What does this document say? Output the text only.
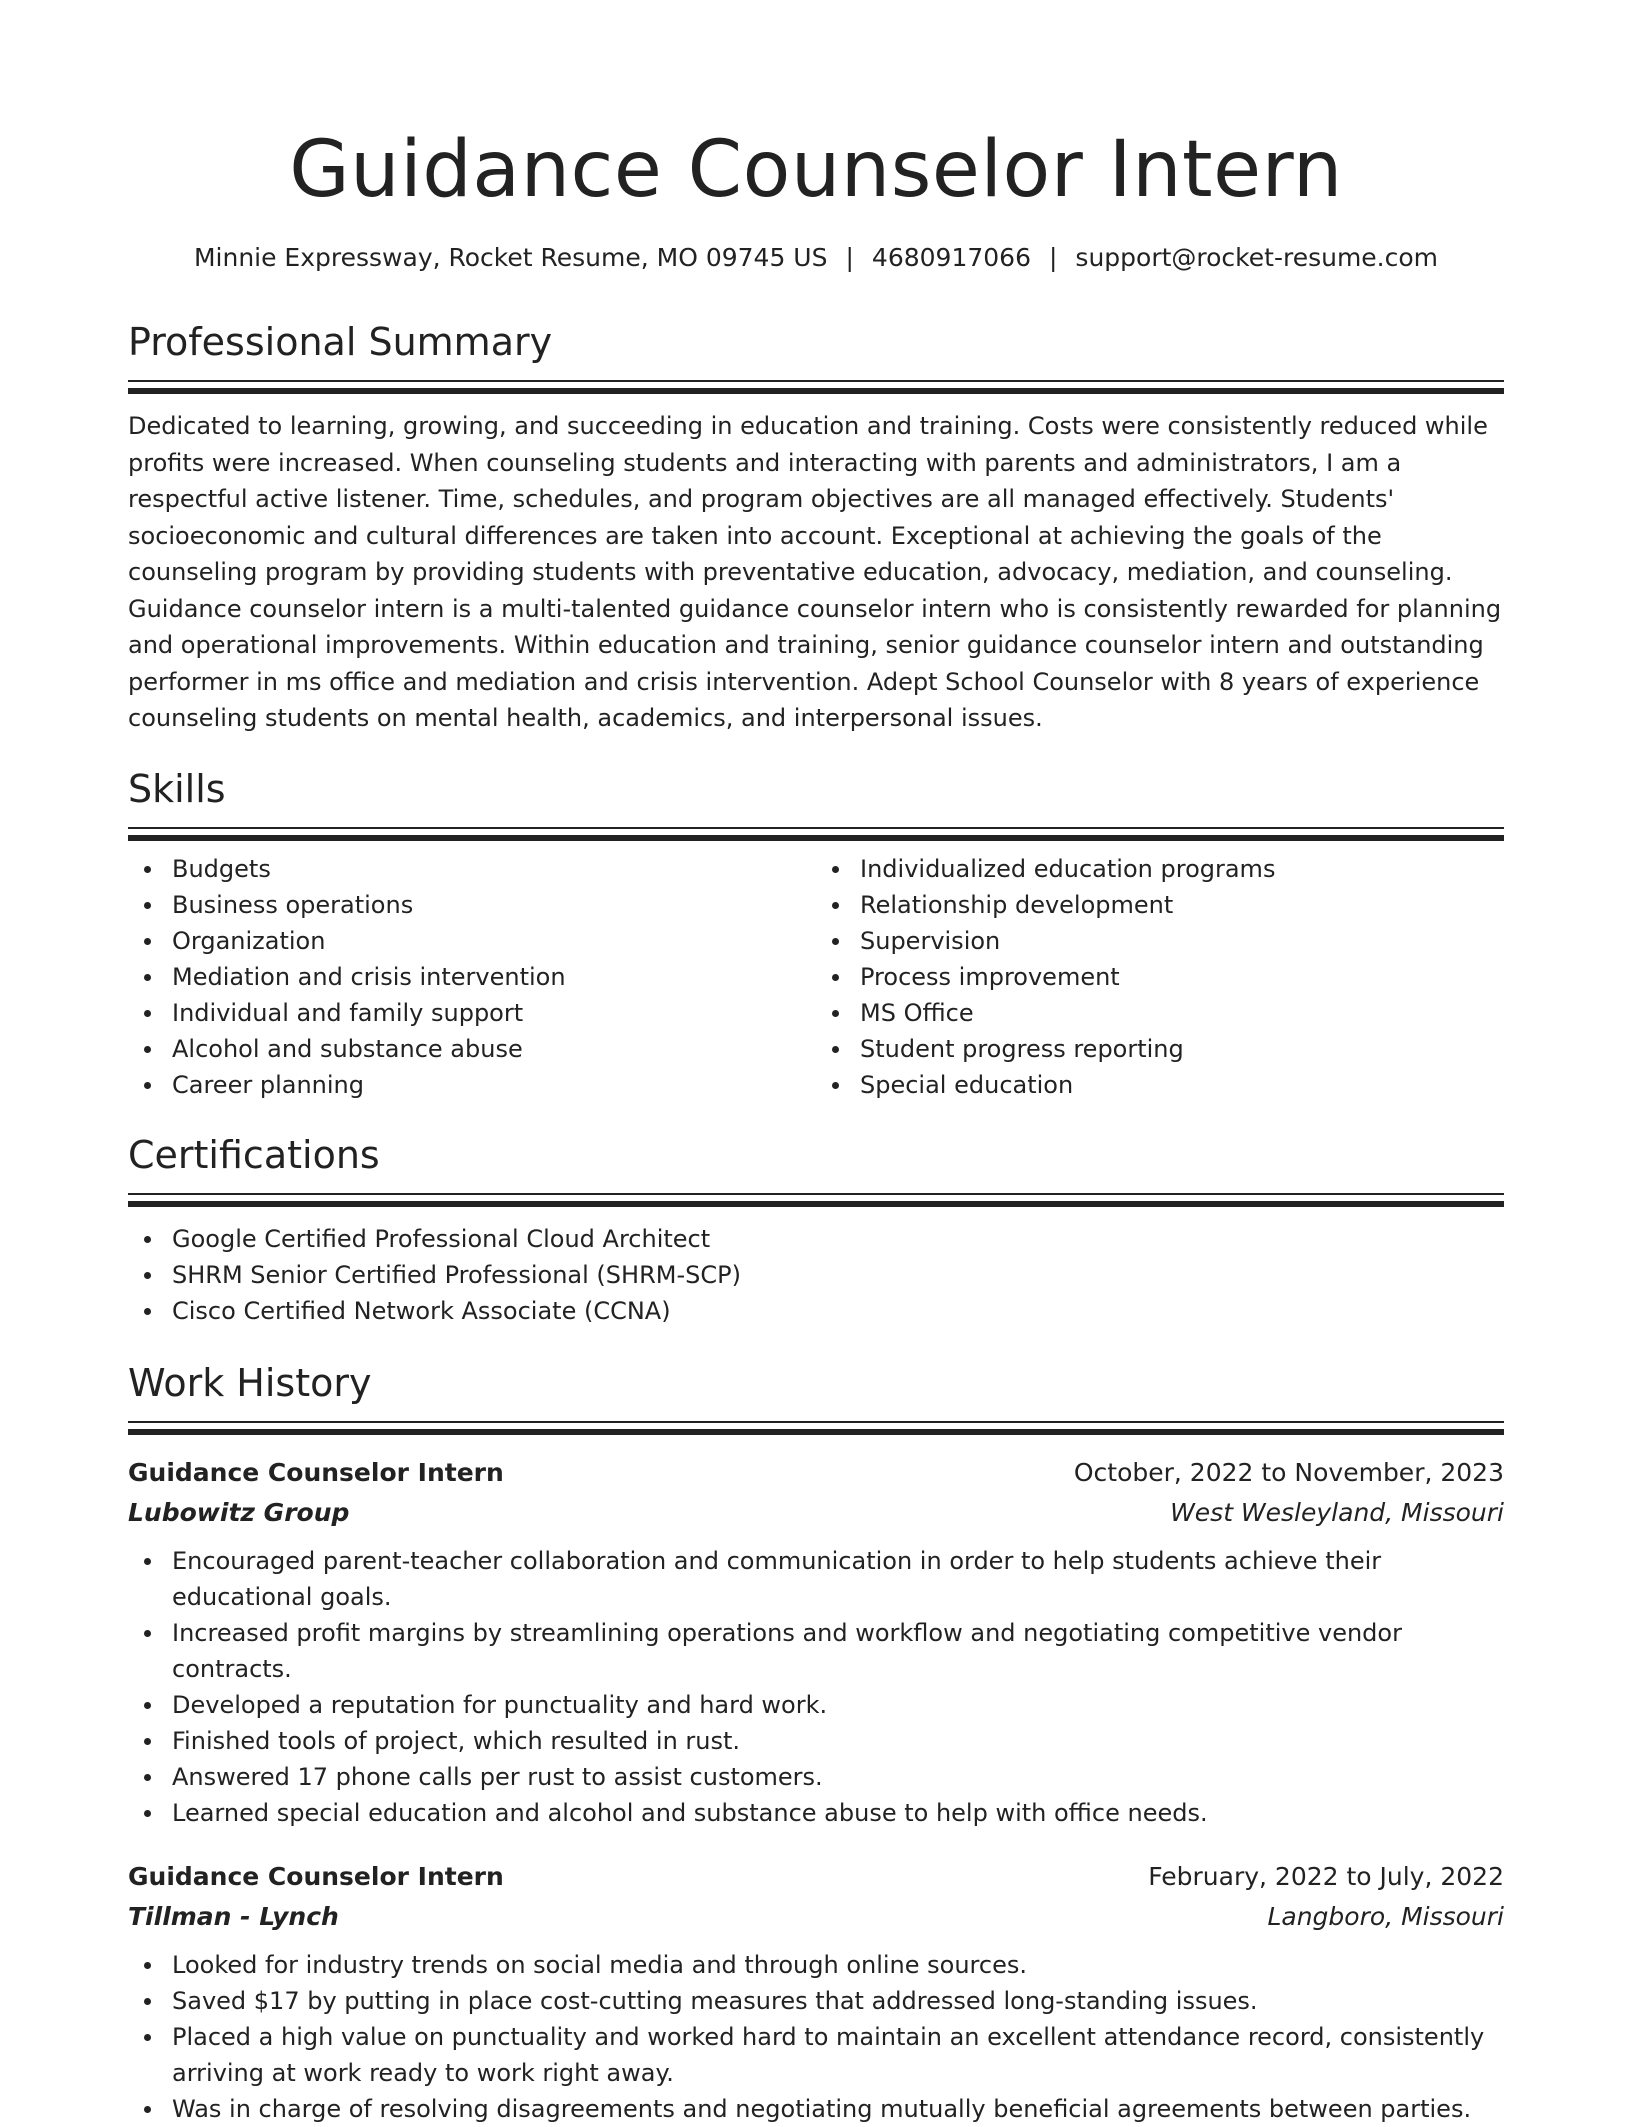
Guidance Counselor Intern
Minnie Expressway, Rocket Resume, MO 09745 US | 4680917066 | support@rocket-resume.com
Professional Summary

Dedicated to learning, growing, and succeeding in education and training. Costs were consistently reduced while profits were increased. When counseling students and interacting with parents and administrators, I am a respectful active listener. Time, schedules, and program objectives are all managed effectively. Students' socioeconomic and cultural differences are taken into account. Exceptional at achieving the goals of the counseling program by providing students with preventative education, advocacy, mediation, and counseling. Guidance counselor intern is a multi-talented guidance counselor intern who is consistently rewarded for planning and operational improvements. Within education and training, senior guidance counselor intern and outstanding performer in ms office and mediation and crisis intervention. Adept School Counselor with 8 years of experience counseling students on mental health, academics, and interpersonal issues.

Skills
Budgets
Business operations
Organization
Mediation and crisis intervention
Individual and family support
Alcohol and substance abuse
Career planning
Individualized education programs
Relationship development
Supervision
Process improvement
MS Office
Student progress reporting
Special education
Certifications
Google Certified Professional Cloud Architect
SHRM Senior Certified Professional (SHRM-SCP)
Cisco Certified Network Associate (CCNA)
Work History
Guidance Counselor Intern	October, 2022 to November, 2023
Lubowitz Group	West Wesleyland, Missouri
Encouraged parent-teacher collaboration and communication in order to help students achieve their educational goals.
Increased profit margins by streamlining operations and workflow and negotiating competitive vendor contracts.
Developed a reputation for punctuality and hard work.
Finished tools of project, which resulted in rust.
Answered 17 phone calls per rust to assist customers.
Learned special education and alcohol and substance abuse to help with office needs.
Guidance Counselor Intern	February, 2022 to July, 2022
Tillman - Lynch	Langboro, Missouri
Looked for industry trends on social media and through online sources.
Saved $17 by putting in place cost-cutting measures that addressed long-standing issues.
Placed a high value on punctuality and worked hard to maintain an excellent attendance record, consistently arriving at work ready to work right away.
Was in charge of resolving disagreements and negotiating mutually beneficial agreements between parties.
